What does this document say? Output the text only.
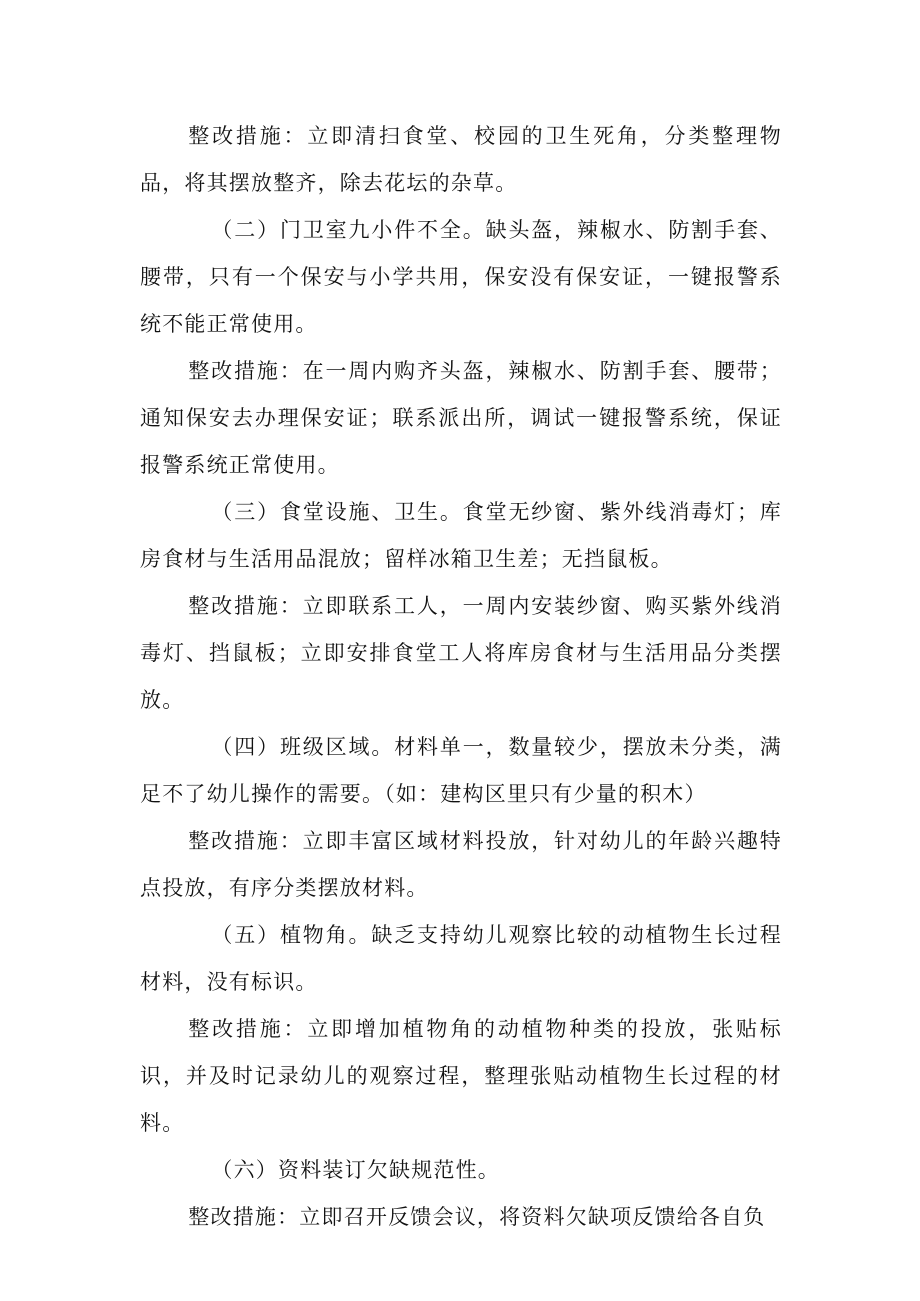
整改措施：立即清扫食堂、校园的卫生死角，分类整理物品，将其摆放整齐，除去花坛的杂草。

（二）门卫室九小件不全。缺头盔，辣椒水、防割手套、腰带，只有一个保安与小学共用，保安没有保安证，一键报警系统不能正常使用。

整改措施：在一周内购齐头盔，辣椒水、防割手套、腰带；通知保安去办理保安证；联系派出所，调试一键报警系统，保证报警系统正常使用。

（三）食堂设施、卫生。食堂无纱窗、紫外线消毒灯；库房食材与生活用品混放；留样冰箱卫生差；无挡鼠板。

整改措施：立即联系工人，一周内安装纱窗、购买紫外线消毒灯、挡鼠板；立即安排食堂工人将库房食材与生活用品分类摆放。

（四）班级区域。材料单一，数量较少，摆放未分类，满足不了幼儿操作的需要。（如：建构区里只有少量的积木）

整改措施：立即丰富区域材料投放，针对幼儿的年龄兴趣特点投放，有序分类摆放材料。

（五）植物角。缺乏支持幼儿观察比较的动植物生长过程材料，没有标识。

整改措施：立即增加植物角的动植物种类的投放，张贴标识，并及时记录幼儿的观察过程，整理张贴动植物生长过程的材料。

（六）资料装订欠缺规范性。

整改措施：立即召开反馈会议，将资料欠缺项反馈给各自负
